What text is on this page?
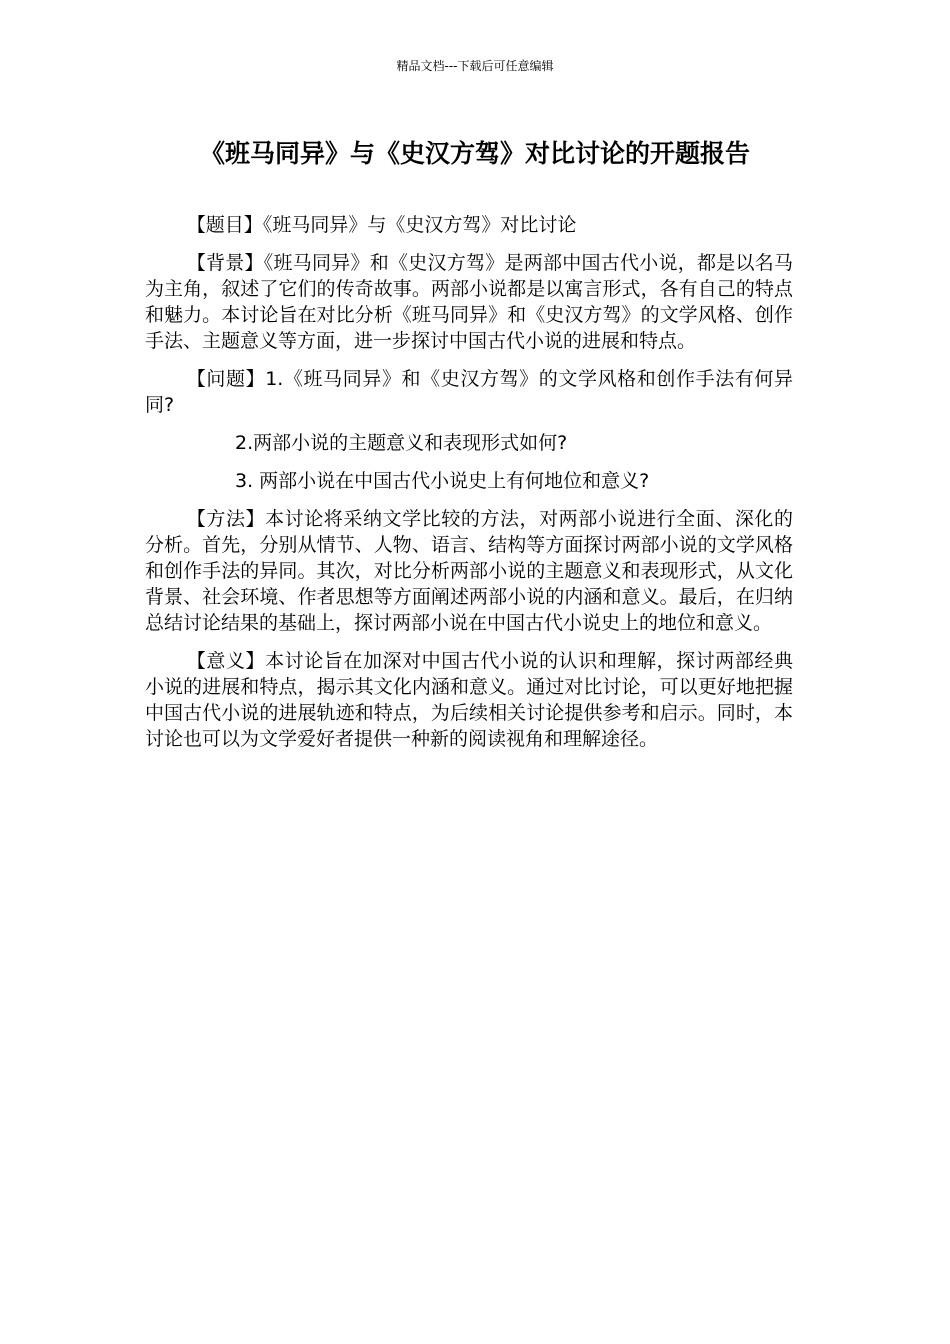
精品文档---下载后可任意编辑
《班马同异》与《史汉方驾》对比讨论的开题报告

【题目】《班马同异》与《史汉方驾》对比讨论

【背景】《班马同异》和《史汉方驾》是两部中国古代小说，都是以名马为主角，叙述了它们的传奇故事。两部小说都是以寓言形式，各有自己的特点和魅力。本讨论旨在对比分析《班马同异》和《史汉方驾》的文学风格、创作手法、主题意义等方面，进一步探讨中国古代小说的进展和特点。

【问题】1.《班马同异》和《史汉方驾》的文学风格和创作手法有何异同?

2.两部小说的主题意义和表现形式如何?

3. 两部小说在中国古代小说史上有何地位和意义?

【方法】本讨论将采纳文学比较的方法，对两部小说进行全面、深化的分析。首先，分别从情节、人物、语言、结构等方面探讨两部小说的文学风格和创作手法的异同。其次，对比分析两部小说的主题意义和表现形式，从文化背景、社会环境、作者思想等方面阐述两部小说的内涵和意义。最后，在归纳总结讨论结果的基础上，探讨两部小说在中国古代小说史上的地位和意义。

【意义】本讨论旨在加深对中国古代小说的认识和理解，探讨两部经典小说的进展和特点，揭示其文化内涵和意义。通过对比讨论，可以更好地把握中国古代小说的进展轨迹和特点，为后续相关讨论提供参考和启示。同时，本讨论也可以为文学爱好者提供一种新的阅读视角和理解途径。
